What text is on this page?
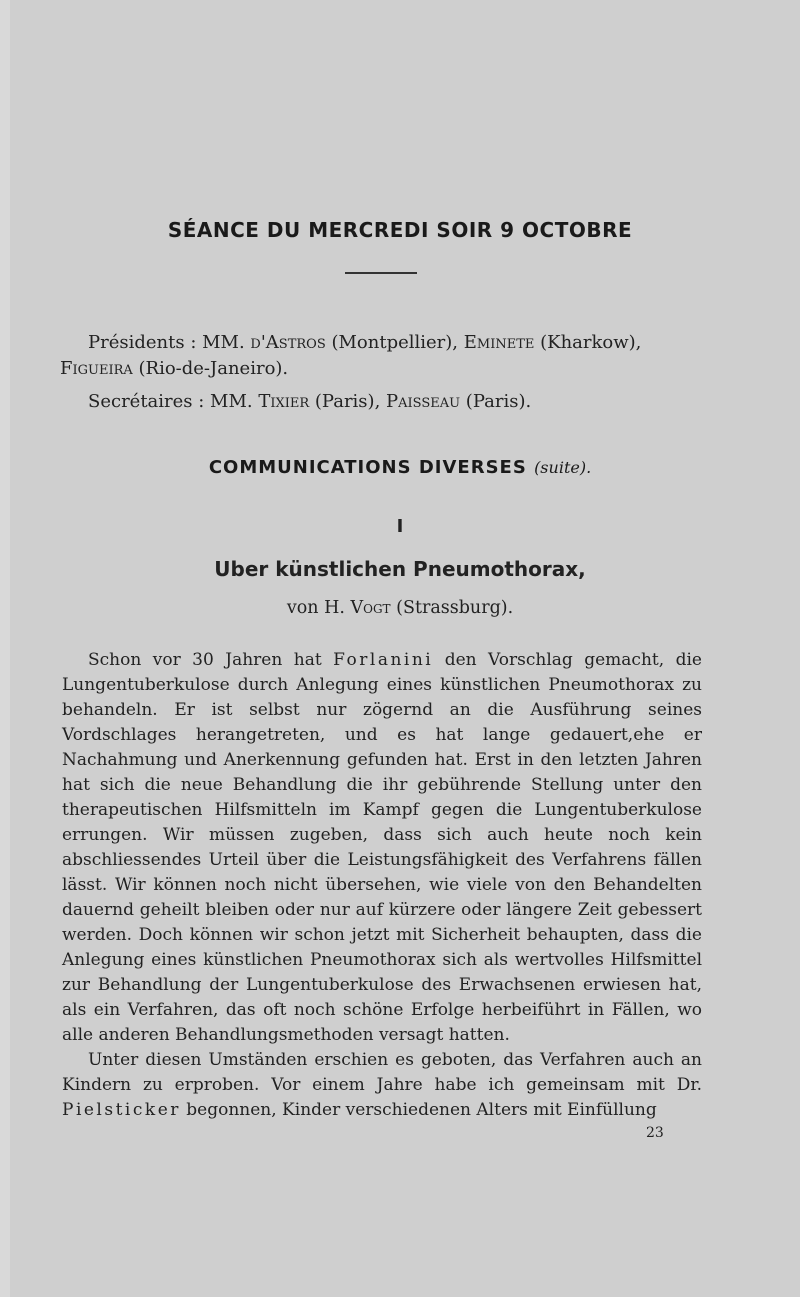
SÉANCE DU MERCREDI SOIR 9 OCTOBRE
Présidents : MM. d'Astros (Montpellier), Eminete (Kharkow), Figueira (Rio-de-Janeiro).
Secrétaires : MM. Tixier (Paris), Paisseau (Paris).
COMMUNICATIONS DIVERSES (suite).
I
Uber künstlichen Pneumothorax,
von H. Vogt (Strassburg).

Schon vor 30 Jahren hat Forlanini den Vorschlag gemacht, die Lungentuberkulose durch Anlegung eines künstlichen Pneumothorax zu behandeln. Er ist selbst nur zögernd an die Ausführung seines Vordschlages herangetreten, und es hat lange gedauert,ehe er Nachahmung und Anerkennung gefunden hat. Erst in den letzten Jahren hat sich die neue Behandlung die ihr gebührende Stellung unter den therapeutischen Hilfsmitteln im Kampf gegen die Lungentuberkulose errungen. Wir müssen zugeben, dass sich auch heute noch kein abschliessendes Urteil über die Leistungsfähigkeit des Verfahrens fällen lässt. Wir können noch nicht übersehen, wie viele von den Behandelten dauernd geheilt bleiben oder nur auf kürzere oder längere Zeit gebessert werden. Doch können wir schon jetzt mit Sicherheit behaupten, dass die Anlegung eines künstlichen Pneumothorax sich als wertvolles Hilfsmittel zur Behandlung der Lungentuberkulose des Erwachsenen erwiesen hat, als ein Verfahren, das oft noch schöne Erfolge herbeiführt in Fällen, wo alle anderen Behandlungsmethoden versagt hatten.

Unter diesen Umständen erschien es geboten, das Verfahren auch an Kindern zu erproben. Vor einem Jahre habe ich gemeinsam mit Dr. Pielsticker begonnen, Kinder verschiedenen Alters mit Einfüllung

23
